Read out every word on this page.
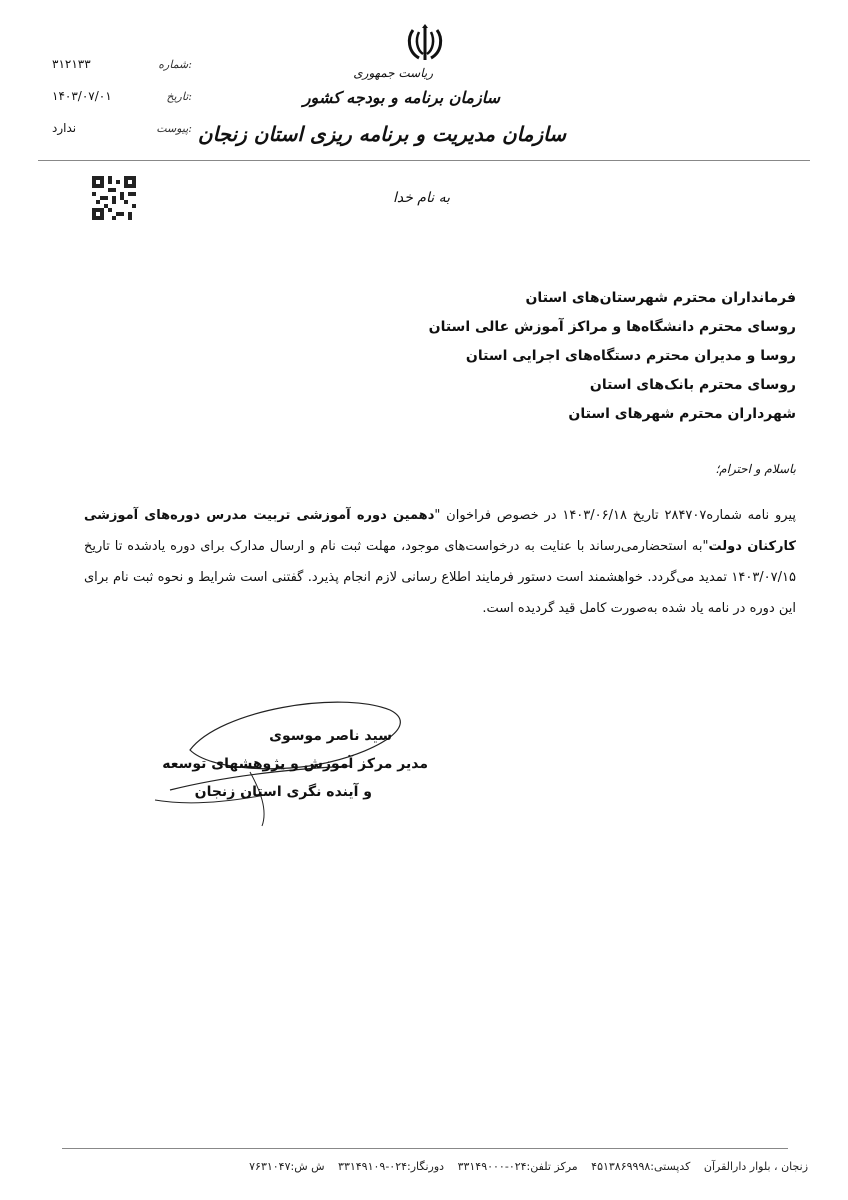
ریاست جمهوری
سازمان برنامه و بودجه کشور
سازمان مدیریت و برنامه ریزی استان زنجان
شماره:
۳۱۲۱۳۳
تاریخ:
۱۴۰۳/۰۷/۰۱
پیوست:
ندارد
به نام خدا
فرمانداران محترم شهرستان‌های استان
روسای محترم دانشگاه‌ها و مراکز آموزش عالی استان
روسا و مدیران محترم دستگاه‌های اجرایی استان
روسای محترم بانک‌های استان
شهرداران محترم شهرهای استان
باسلام و احترام؛
پیرو نامه شماره۲۸۴۷۰۷ تاریخ ۱۴۰۳/۰۶/۱۸ در خصوص فراخوان "دهمین دوره آموزشی تربیت مدرس دوره‌های آموزشی کارکنان دولت"به استحضارمی‌رساند با عنایت به درخواست‌های موجود، مهلت ثبت نام و ارسال مدارک برای دوره یادشده تا تاریخ ۱۴۰۳/۰۷/۱۵ تمدید می‌گردد. خواهشمند است دستور فرمایند اطلاع رسانی لازم انجام پذیرد. گفتنی است شرایط و نحوه ثبت نام برای این دوره در نامه یاد شده به‌صورت کامل قید گردیده است.
سید ناصر موسوی
مدیر مرکز آموزش و پژوهشهای توسعه
و آینده نگری استان زنجان
زنجان ، بلوار دارالقرآن کدپستی:۴۵۱۳۸۶۹۹۹۸ مرکز تلفن:۰۲۴-۳۳۱۴۹۰۰۰ دورنگار:۰۲۴-۳۳۱۴۹۱۰۹ ش ش:۷۶۳۱۰۴۷
